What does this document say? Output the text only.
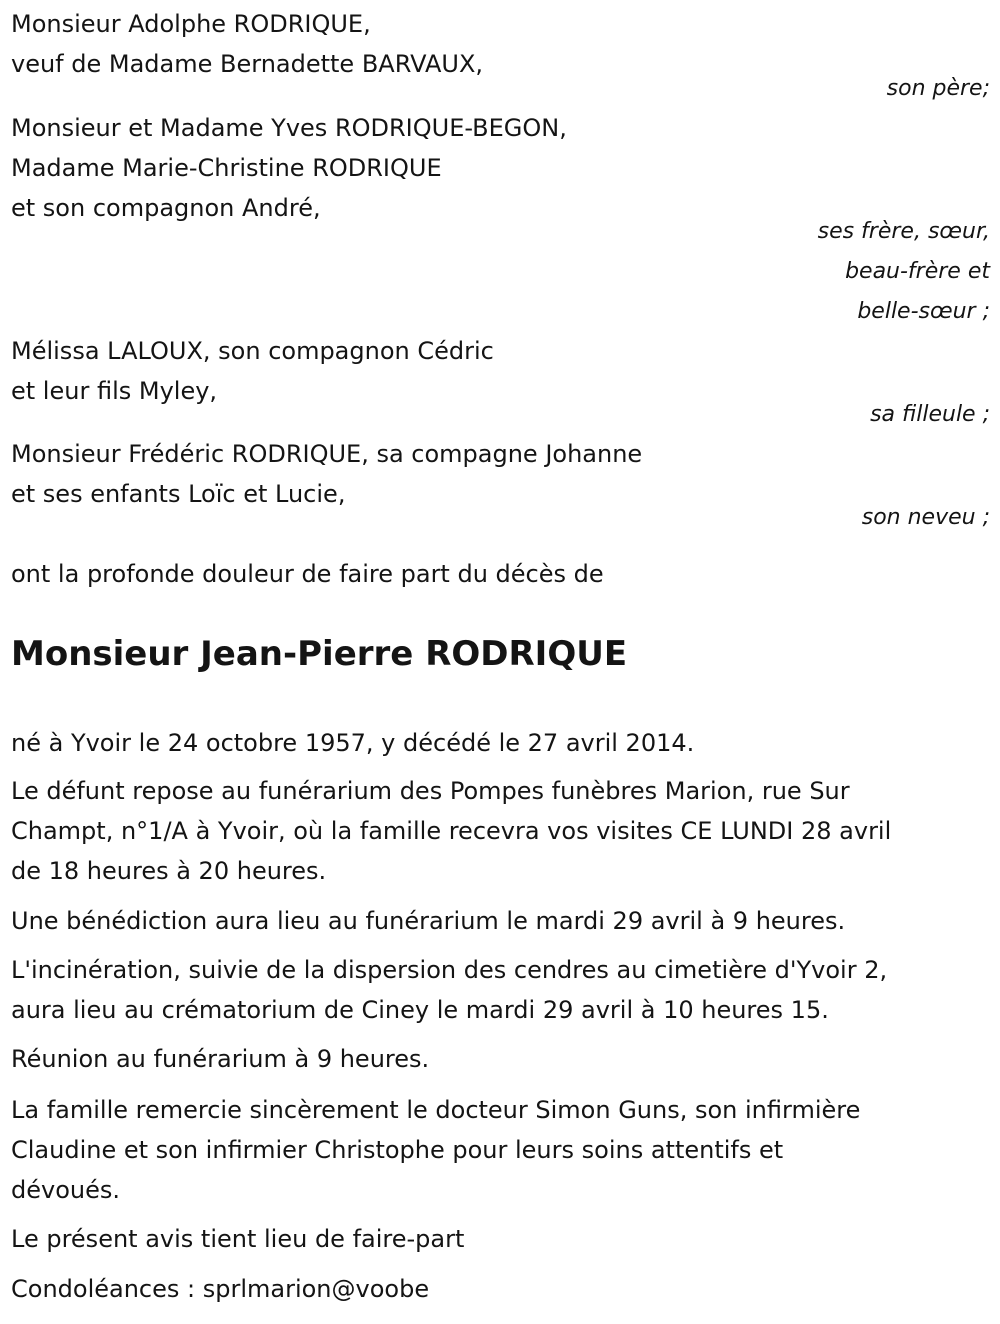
Monsieur Adolphe RODRIQUE,
veuf de Madame Bernadette BARVAUX,
son père;
Monsieur et Madame Yves RODRIQUE-BEGON,
Madame Marie-Christine RODRIQUE
et son compagnon André,
ses frère, sœur,
beau-frère et
belle-sœur ;
Mélissa LALOUX, son compagnon Cédric
et leur fils Myley,
sa filleule ;
Monsieur Frédéric RODRIQUE, sa compagne Johanne
et ses enfants Loïc et Lucie,
son neveu ;
ont la profonde douleur de faire part du décès de
Monsieur Jean-Pierre RODRIQUE
né à Yvoir le 24 octobre 1957, y décédé le 27 avril 2014.
Le défunt repose au funérarium des Pompes funèbres Marion, rue Sur
Champt, n°1/A à Yvoir, où la famille recevra vos visites CE LUNDI 28 avril
de 18 heures à 20 heures.
Une bénédiction aura lieu au funérarium le mardi 29 avril à 9 heures.
L'incinération, suivie de la dispersion des cendres au cimetière d'Yvoir 2,
aura lieu au crématorium de Ciney le mardi 29 avril à 10 heures 15.
Réunion au funérarium à 9 heures.
La famille remercie sincèrement le docteur Simon Guns, son infirmière
Claudine et son infirmier Christophe pour leurs soins attentifs et
dévoués.
Le présent avis tient lieu de faire-part
Condoléances : sprlmarion@voobe
